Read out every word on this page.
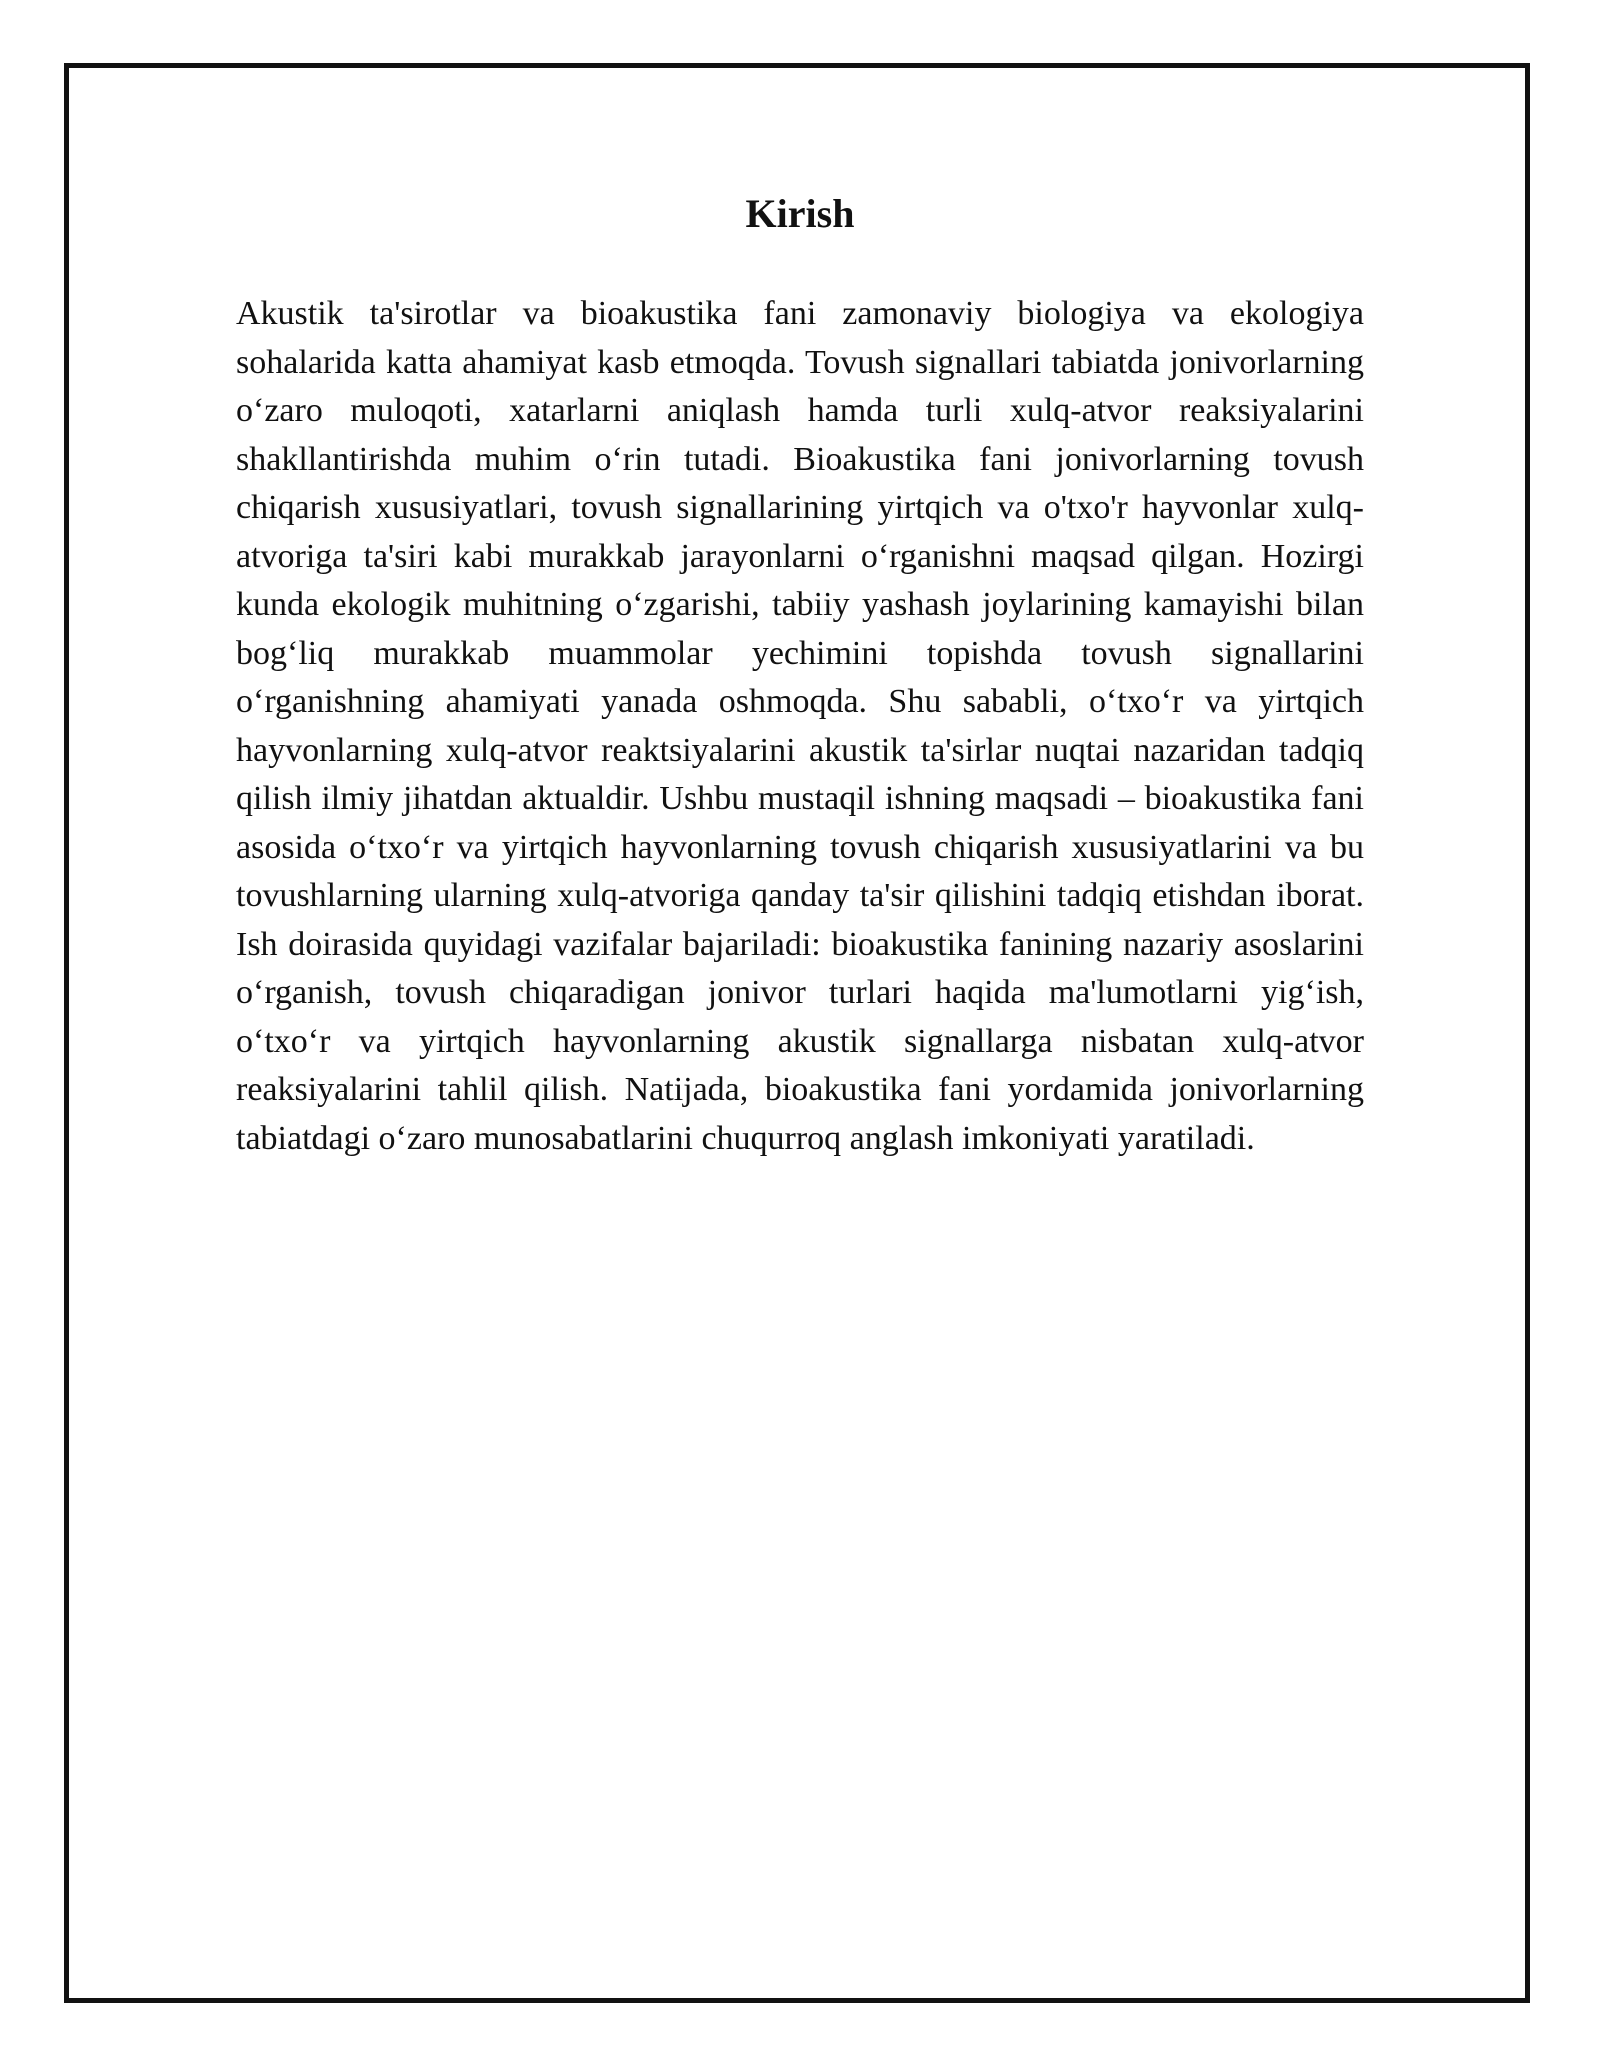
Kirish

Akustik ta'sirotlar va bioakustika fani zamonaviy biologiya va ekologiya sohalarida katta ahamiyat kasb etmoqda. Tovush signallari tabiatda jonivorlarning o‘zaro muloqoti, xatarlarni aniqlash hamda turli xulq-atvor reaksiyalarini shakllantirishda muhim o‘rin tutadi. Bioakustika fani jonivorlarning tovush chiqarish xususiyatlari, tovush signallarining yirtqich va o'txo'r hayvonlar xulq-atvoriga ta'siri kabi murakkab jarayonlarni o‘rganishni maqsad qilgan. Hozirgi kunda ekologik muhitning o‘zgarishi, tabiiy yashash joylarining kamayishi bilan bog‘liq murakkab muammolar yechimini topishda tovush signallarini o‘rganishning ahamiyati yanada oshmoqda. Shu sababli, o‘txo‘r va yirtqich hayvonlarning xulq-atvor reaktsiyalarini akustik ta'sirlar nuqtai nazaridan tadqiq qilish ilmiy jihatdan aktualdir. Ushbu mustaqil ishning maqsadi – bioakustika fani asosida o‘txo‘r va yirtqich hayvonlarning tovush chiqarish xususiyatlarini va bu tovushlarning ularning xulq-atvoriga qanday ta'sir qilishini tadqiq etishdan iborat. Ish doirasida quyidagi vazifalar bajariladi: bioakustika fanining nazariy asoslarini o‘rganish, tovush chiqaradigan jonivor turlari haqida ma'lumotlarni yig‘ish, o‘txo‘r va yirtqich hayvonlarning akustik signallarga nisbatan xulq-atvor reaksiyalarini tahlil qilish. Natijada, bioakustika fani yordamida jonivorlarning tabiatdagi o‘zaro munosabatlarini chuqurroq anglash imkoniyati yaratiladi.
